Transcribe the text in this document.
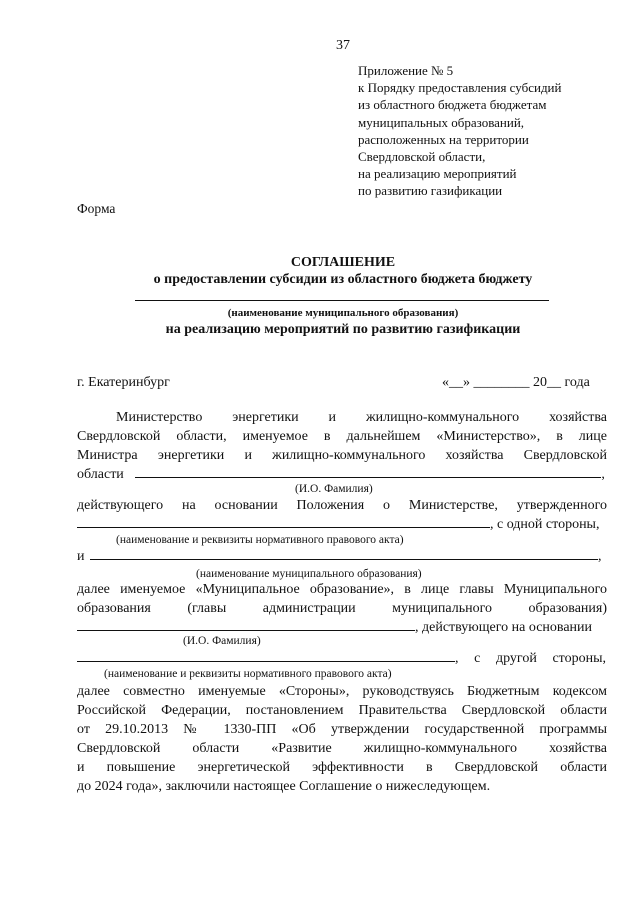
37
Приложение № 5
к Порядку предоставления субсидий
из областного бюджета бюджетам
муниципальных образований,
расположенных на территории
Свердловской области,
на реализацию мероприятий
по развитию газификации
Форма
СОГЛАШЕНИЕ
о предоставлении субсидии из областного бюджета бюджету
(наименование муниципального образования)
на реализацию мероприятий по развитию газификации
г. Екатеринбург	«__» ________ 20__ года
Министерство энергетики и жилищно-коммунального хозяйства
Свердловской области, именуемое в дальнейшем «Министерство», в лице
Министра энергетики и жилищно-коммунального хозяйства Свердловской
области	,
(И.О. Фамилия)
действующего на основании Положения о Министерстве, утвержденного
, с одной стороны,
(наименование и реквизиты нормативного правового акта)
и	,
(наименование муниципального образования)
далее именуемое «Муниципальное образование», в лице главы Муниципального
образования (главы администрации муниципального образования)
, действующего на основании
(И.О. Фамилия)
, с другой стороны,
(наименование и реквизиты нормативного правового акта)
далее совместно именуемые «Стороны», руководствуясь Бюджетным кодексом
Российской Федерации, постановлением Правительства Свердловской области
от 29.10.2013 № 1330-ПП «Об утверждении государственной программы
Свердловской области «Развитие жилищно-коммунального хозяйства
и повышение энергетической эффективности в Свердловской области
до 2024 года», заключили настоящее Соглашение о нижеследующем.
